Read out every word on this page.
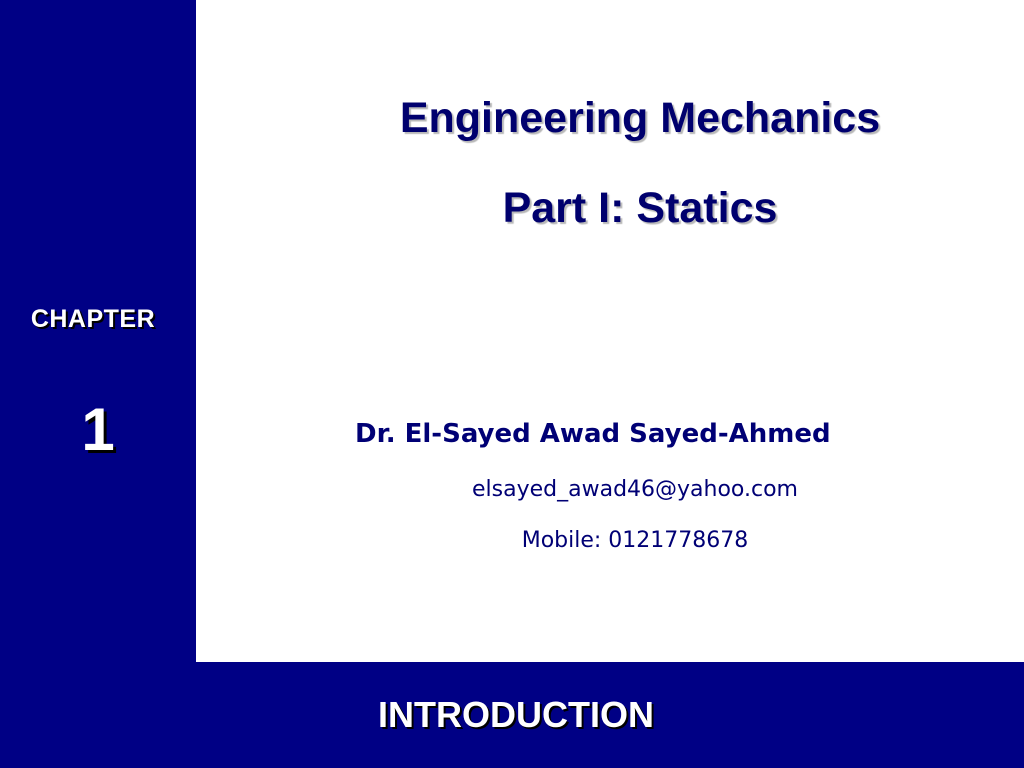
CHAPTER
1
Engineering Mechanics
Part I: Statics
Dr. El-Sayed Awad Sayed-Ahmed
elsayed_awad46@yahoo.com
Mobile: 0121778678
INTRODUCTION
